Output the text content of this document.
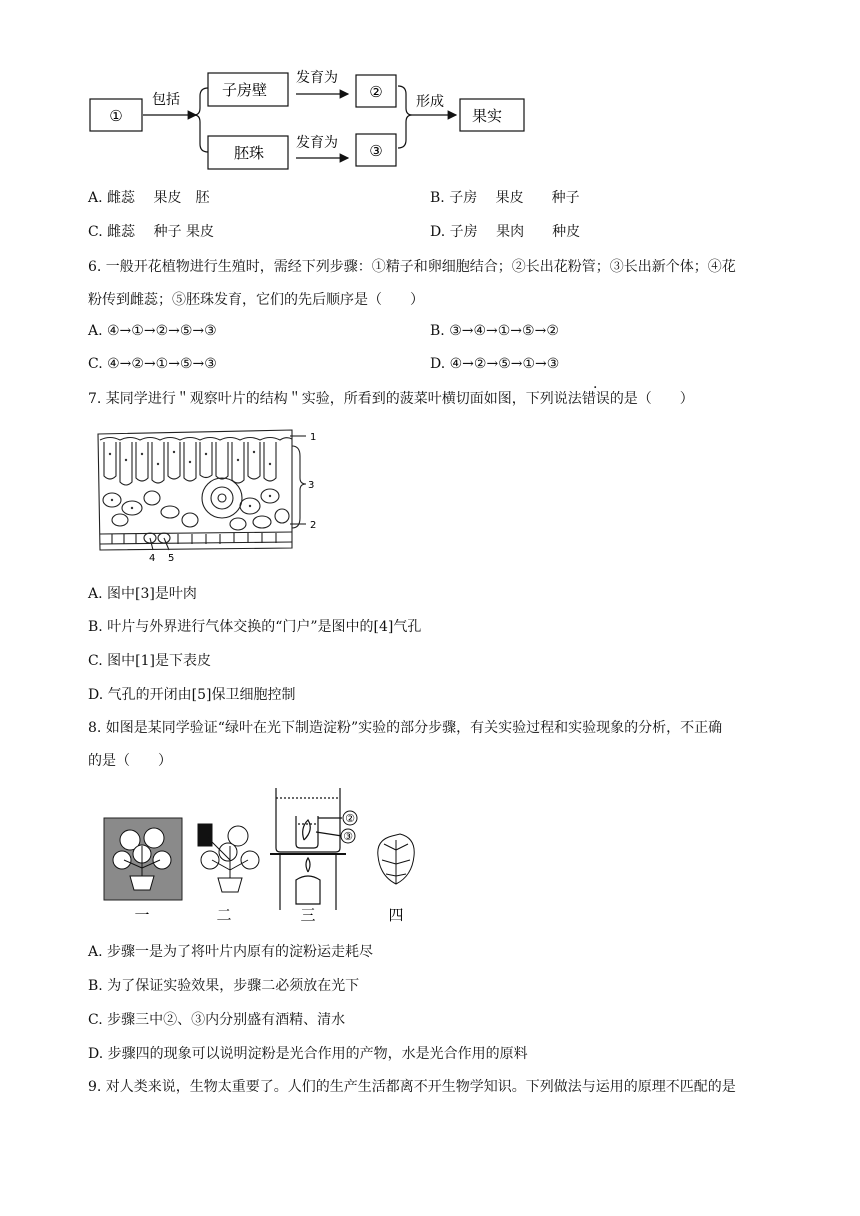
①
包括
子房壁
胚珠
发育为
发育为
②
③
形成
果实
A. 雌蕊　 果皮　胚	B. 子房　 果皮　　种子
C. 雌蕊　 种子 果皮	D. 子房　 果肉　　种皮
6. 一般开花植物进行生殖时，需经下列步骤：①精子和卵细胞结合；②长出花粉管；③长出新个体；④花
粉传到雌蕊；⑤胚珠发育，它们的先后顺序是（　　）
A. ④→①→②→⑤→③	B. ③→④→①→⑤→②
C. ④→②→①→⑤→③	D. ④→②→⑤→①→③
7. 某同学进行＂观察叶片的结构＂实验，所看到的菠菜叶横切面如图，下列说法错误的是（　　）
1
3
2
4 5
A. 图中[3]是叶肉
B. 叶片与外界进行气体交换的“门户”是图中的[4]气孔
C. 图中[1]是下表皮
D. 气孔的开闭由[5]保卫细胞控制
8. 如图是某同学验证“绿叶在光下制造淀粉”实验的部分步骤，有关实验过程和实验现象的分析，不正确
的是（　　）
②
③
一	二	三	四
A. 步骤一是为了将叶片内原有的淀粉运走耗尽
B. 为了保证实验效果，步骤二必须放在光下
C. 步骤三中②、③内分别盛有酒精、清水
D. 步骤四的现象可以说明淀粉是光合作用的产物，水是光合作用的原料
9. 对人类来说，生物太重要了。人们的生产生活都离不开生物学知识。下列做法与运用的原理不匹配的是
